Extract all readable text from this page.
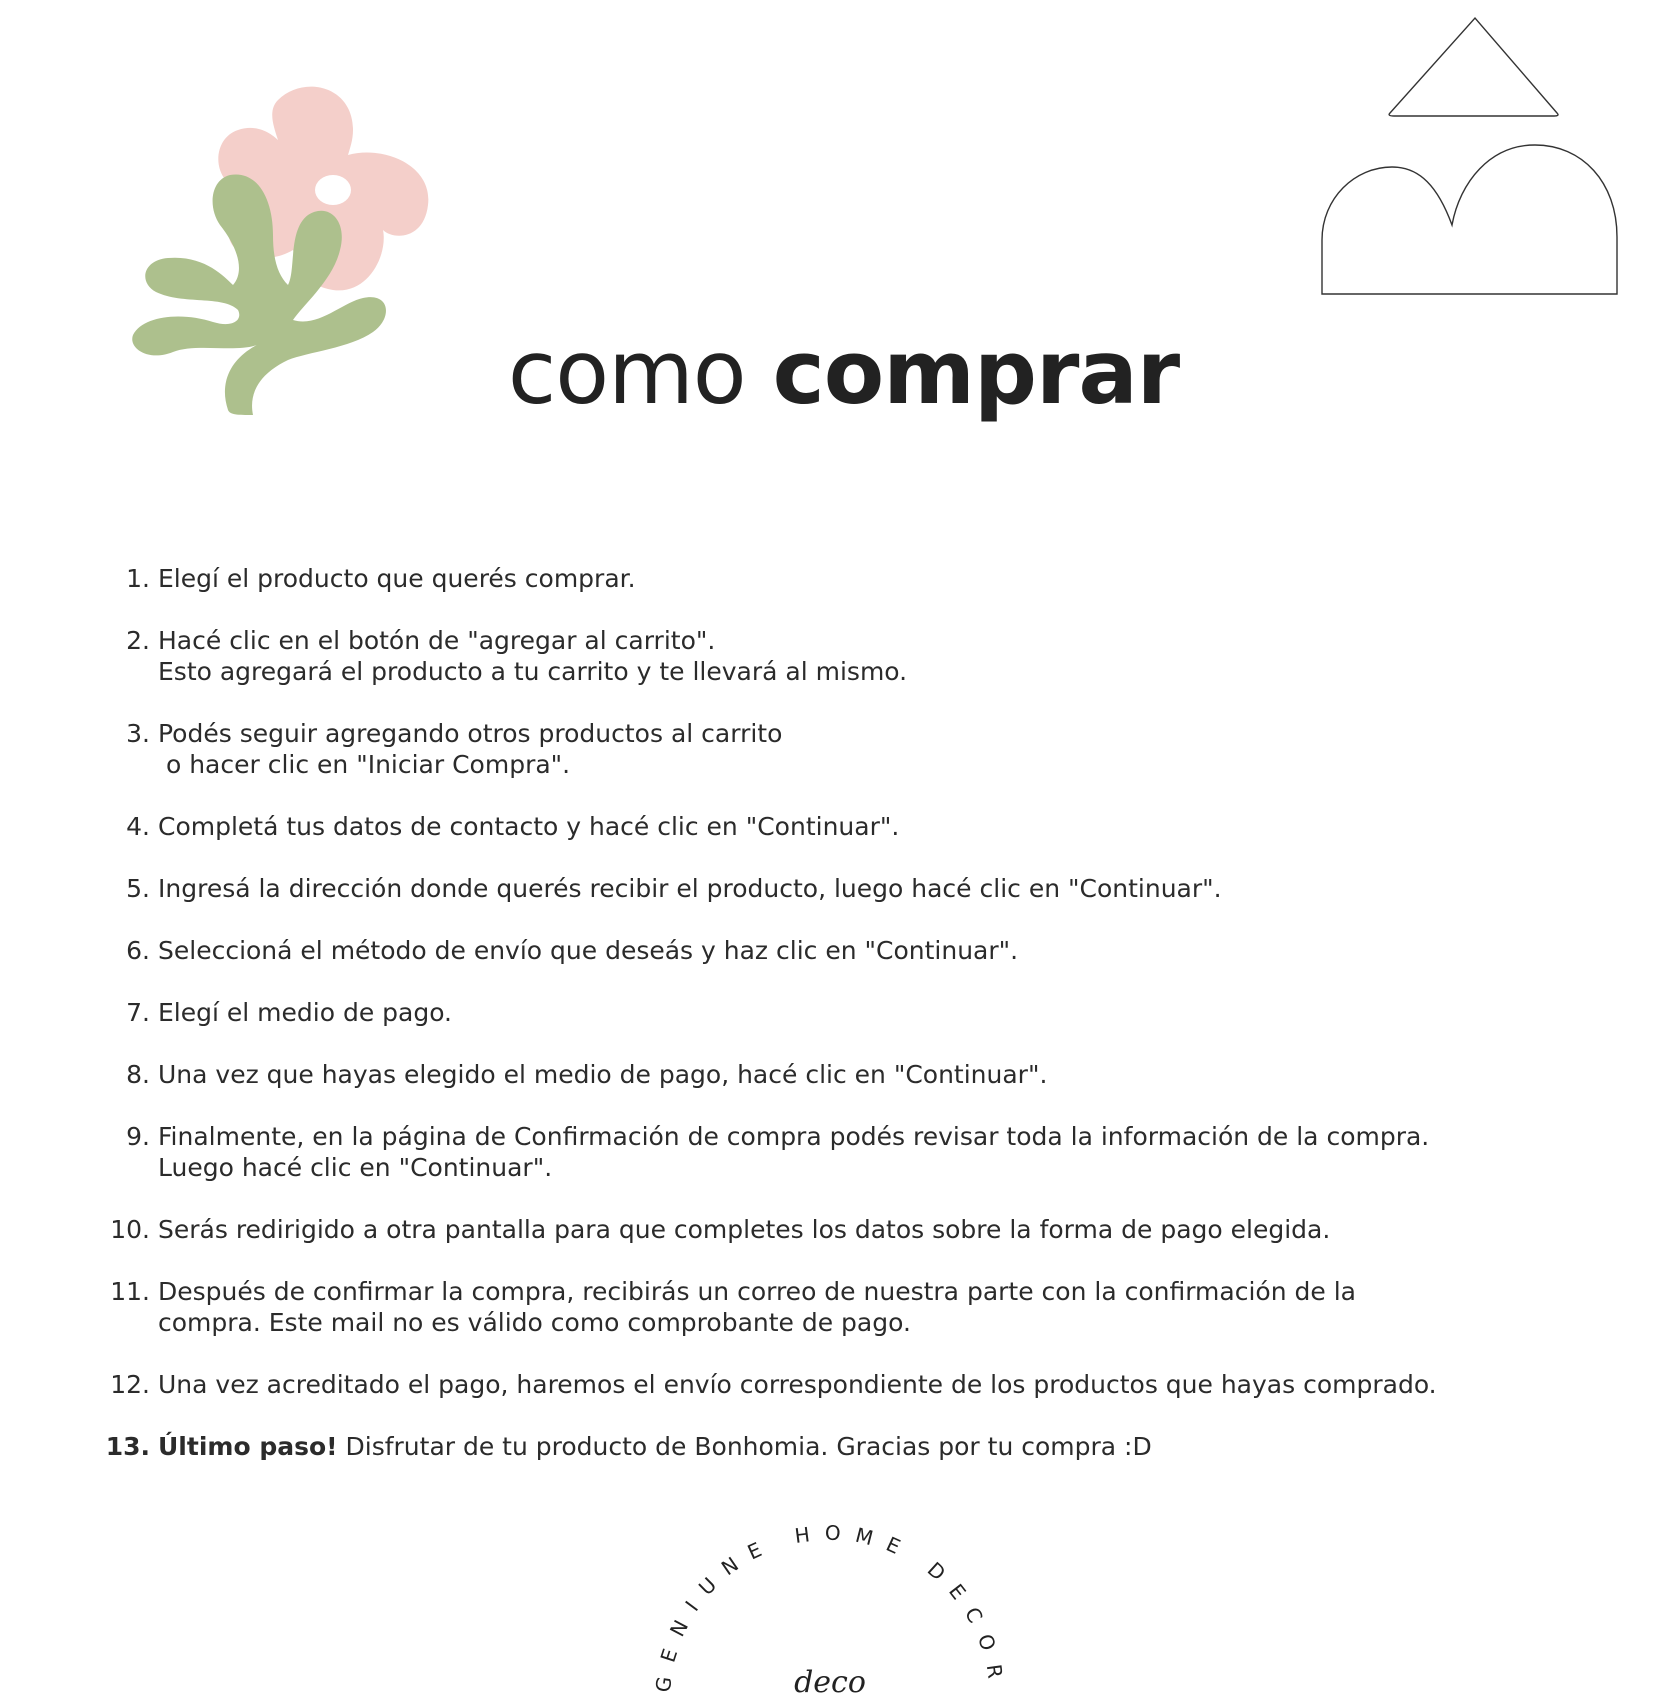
como comprar
1. Elegí el producto que querés comprar.
2. Hacé clic en el botón de "agregar al carrito".
Esto agregará el producto a tu carrito y te llevará al mismo.
3. Podés seguir agregando otros productos al carrito
o hacer clic en "Iniciar Compra".
4. Completá tus datos de contacto y hacé clic en "Continuar".
5. Ingresá la dirección donde querés recibir el producto, luego hacé clic en "Continuar".
6. Seleccioná el método de envío que deseás y haz clic en "Continuar".
7. Elegí el medio de pago.
8. Una vez que hayas elegido el medio de pago, hacé clic en "Continuar".
9. Finalmente, en la página de Confirmación de compra podés revisar toda la información de la compra.
Luego hacé clic en "Continuar".
10. Serás redirigido a otra pantalla para que completes los datos sobre la forma de pago elegida.
11. Después de confirmar la compra, recibirás un correo de nuestra parte con la confirmación de la
compra. Este mail no es válido como comprobante de pago.
12. Una vez acreditado el pago, haremos el envío correspondiente de los productos que hayas comprado.
13. Último paso! Disfrutar de tu producto de Bonhomia. Gracias por tu compra :D
GENIUNE HOME DECOR
deco
